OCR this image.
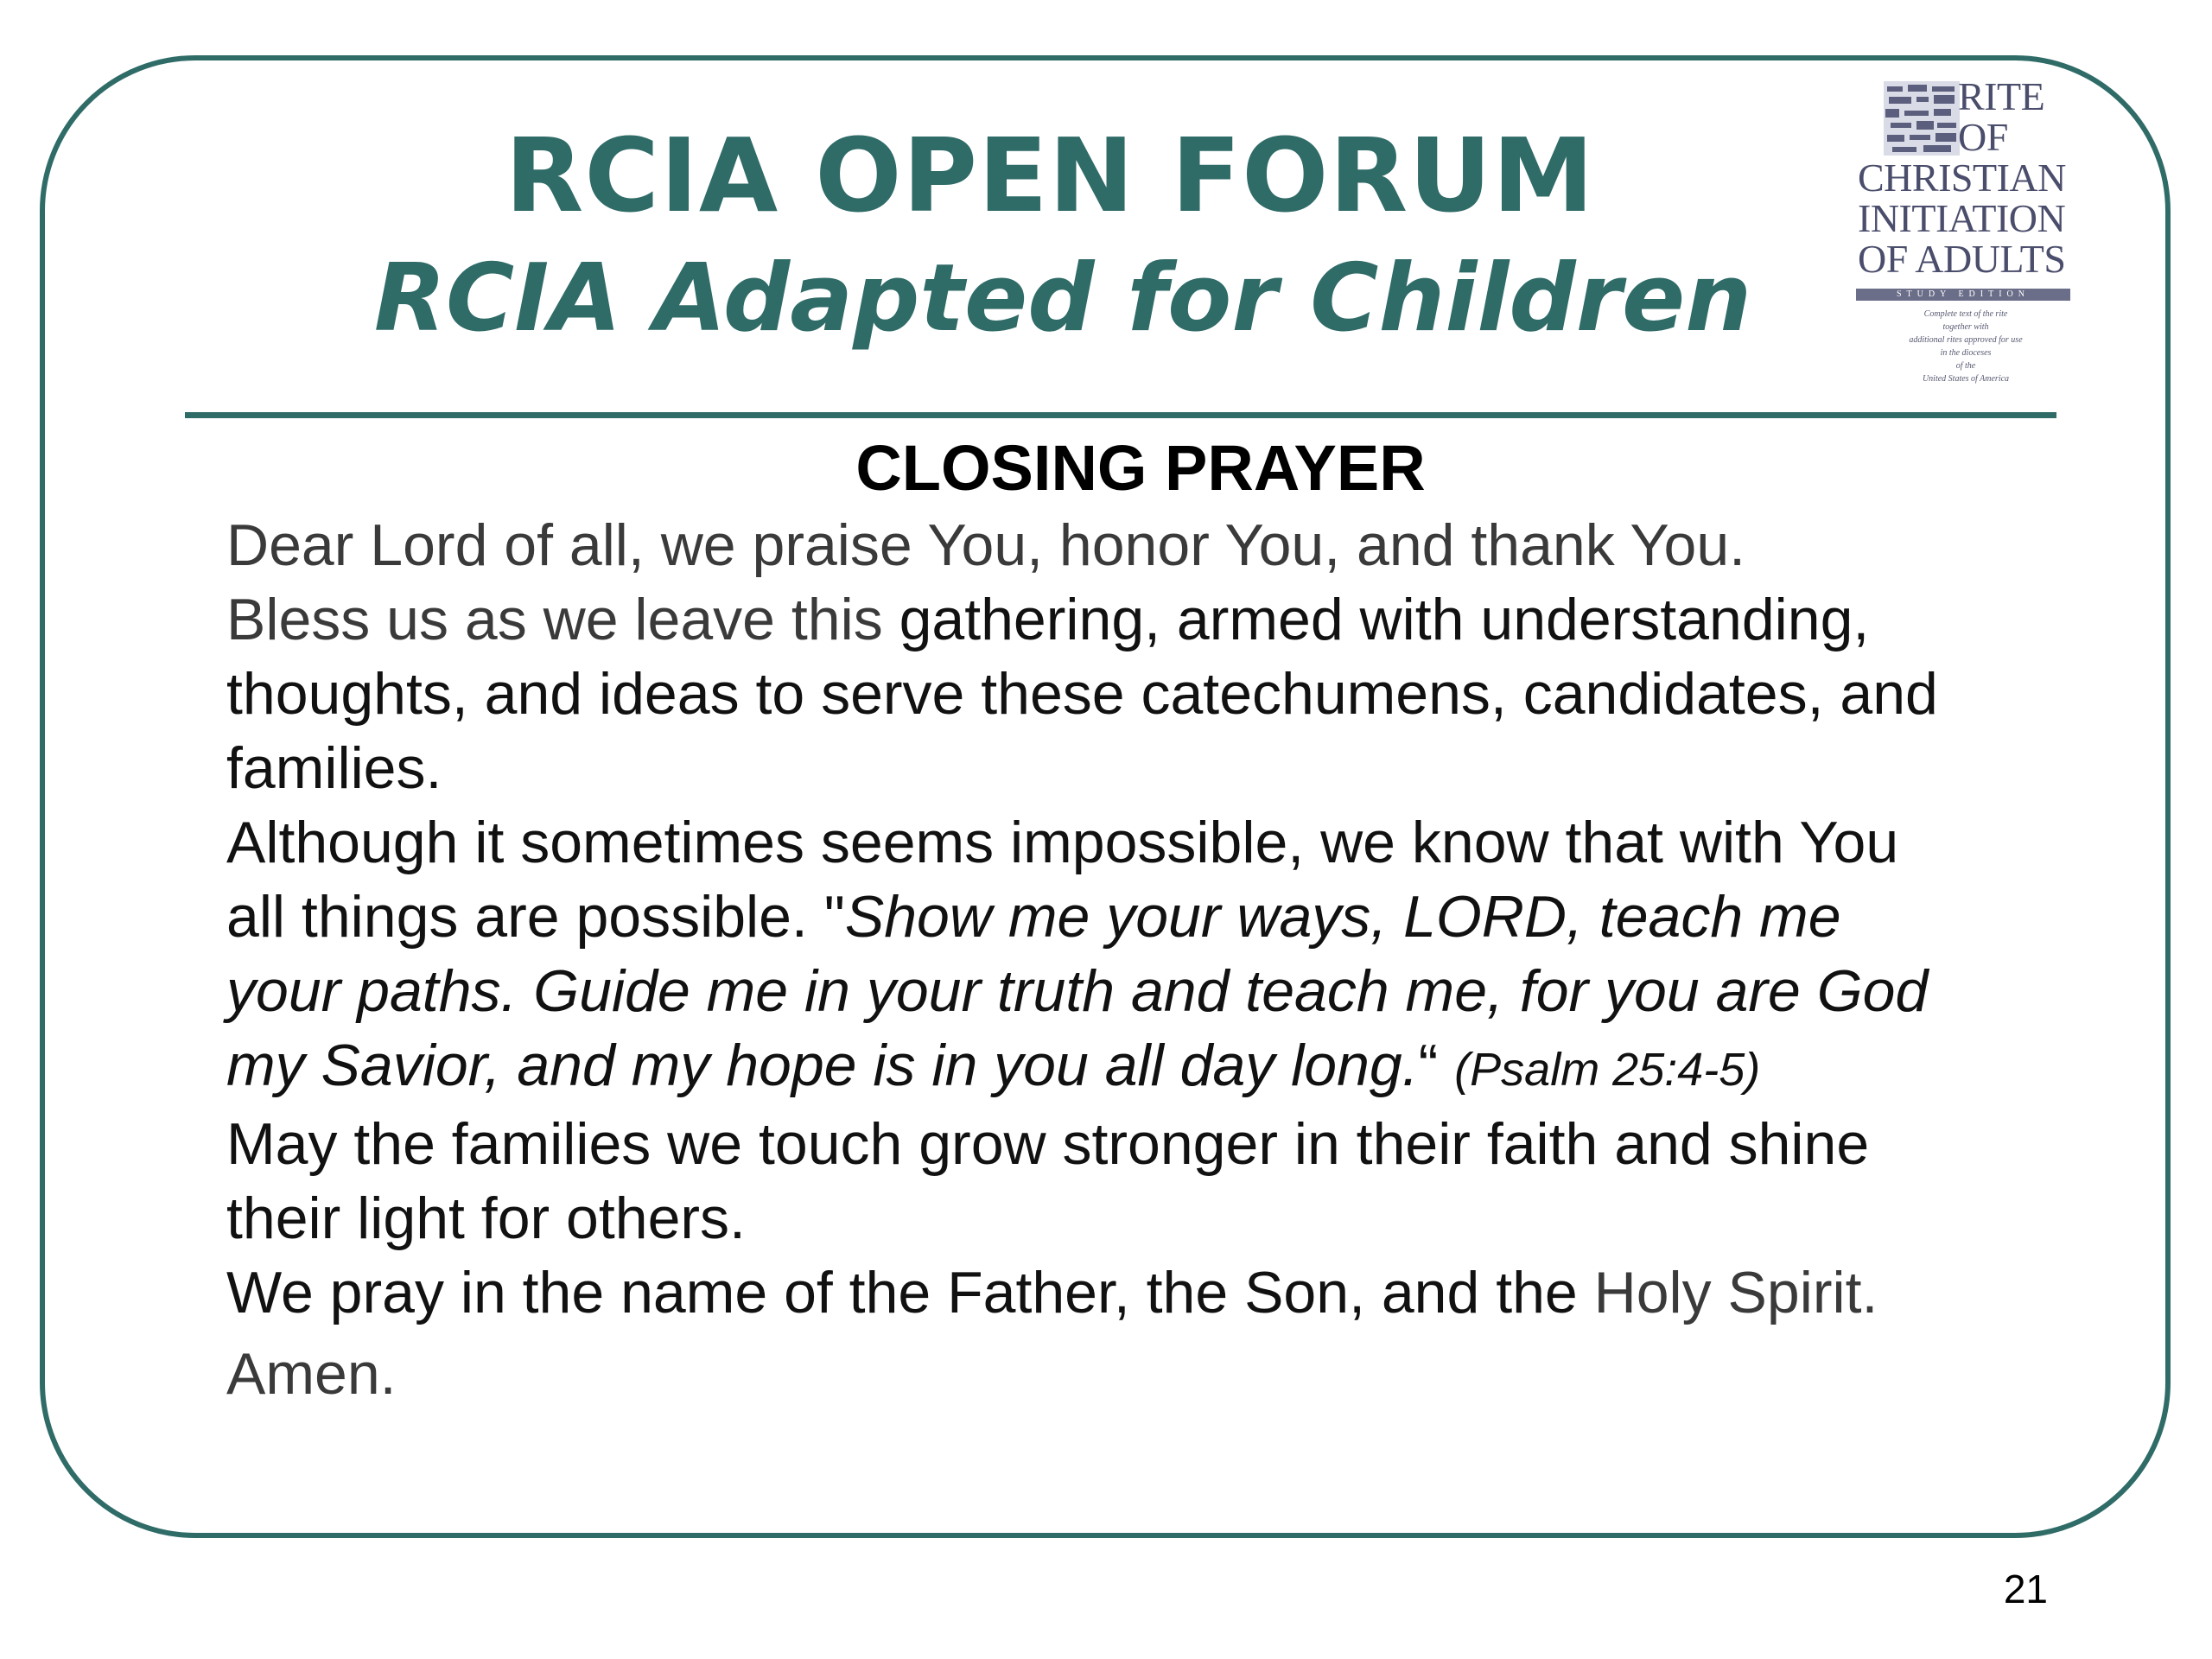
RCIA OPEN FORUM
RCIA Adapted for Children
RITE
OF
CHRISTIAN
INITIATION
OF ADULTS
STUDY EDITION
Complete text of the rite
together with
additional rites approved for use
in the dioceses
of the
United States of America
CLOSING PRAYER
Dear Lord of all, we praise You, honor You, and thank You.
Bless us as we leave this gathering, armed with understanding,
thoughts, and ideas to serve these catechumens, candidates, and
families.
Although it sometimes seems impossible, we know that with You
all things are possible. "Show me your ways, LORD, teach me
your paths. Guide me in your truth and teach me, for you are God
my Savior, and my hope is in you all day long.“ (Psalm 25:4-5)
May the families we touch grow stronger in their faith and shine
their light for others.
We pray in the name of the Father, the Son, and the Holy Spirit.
Amen.
21
